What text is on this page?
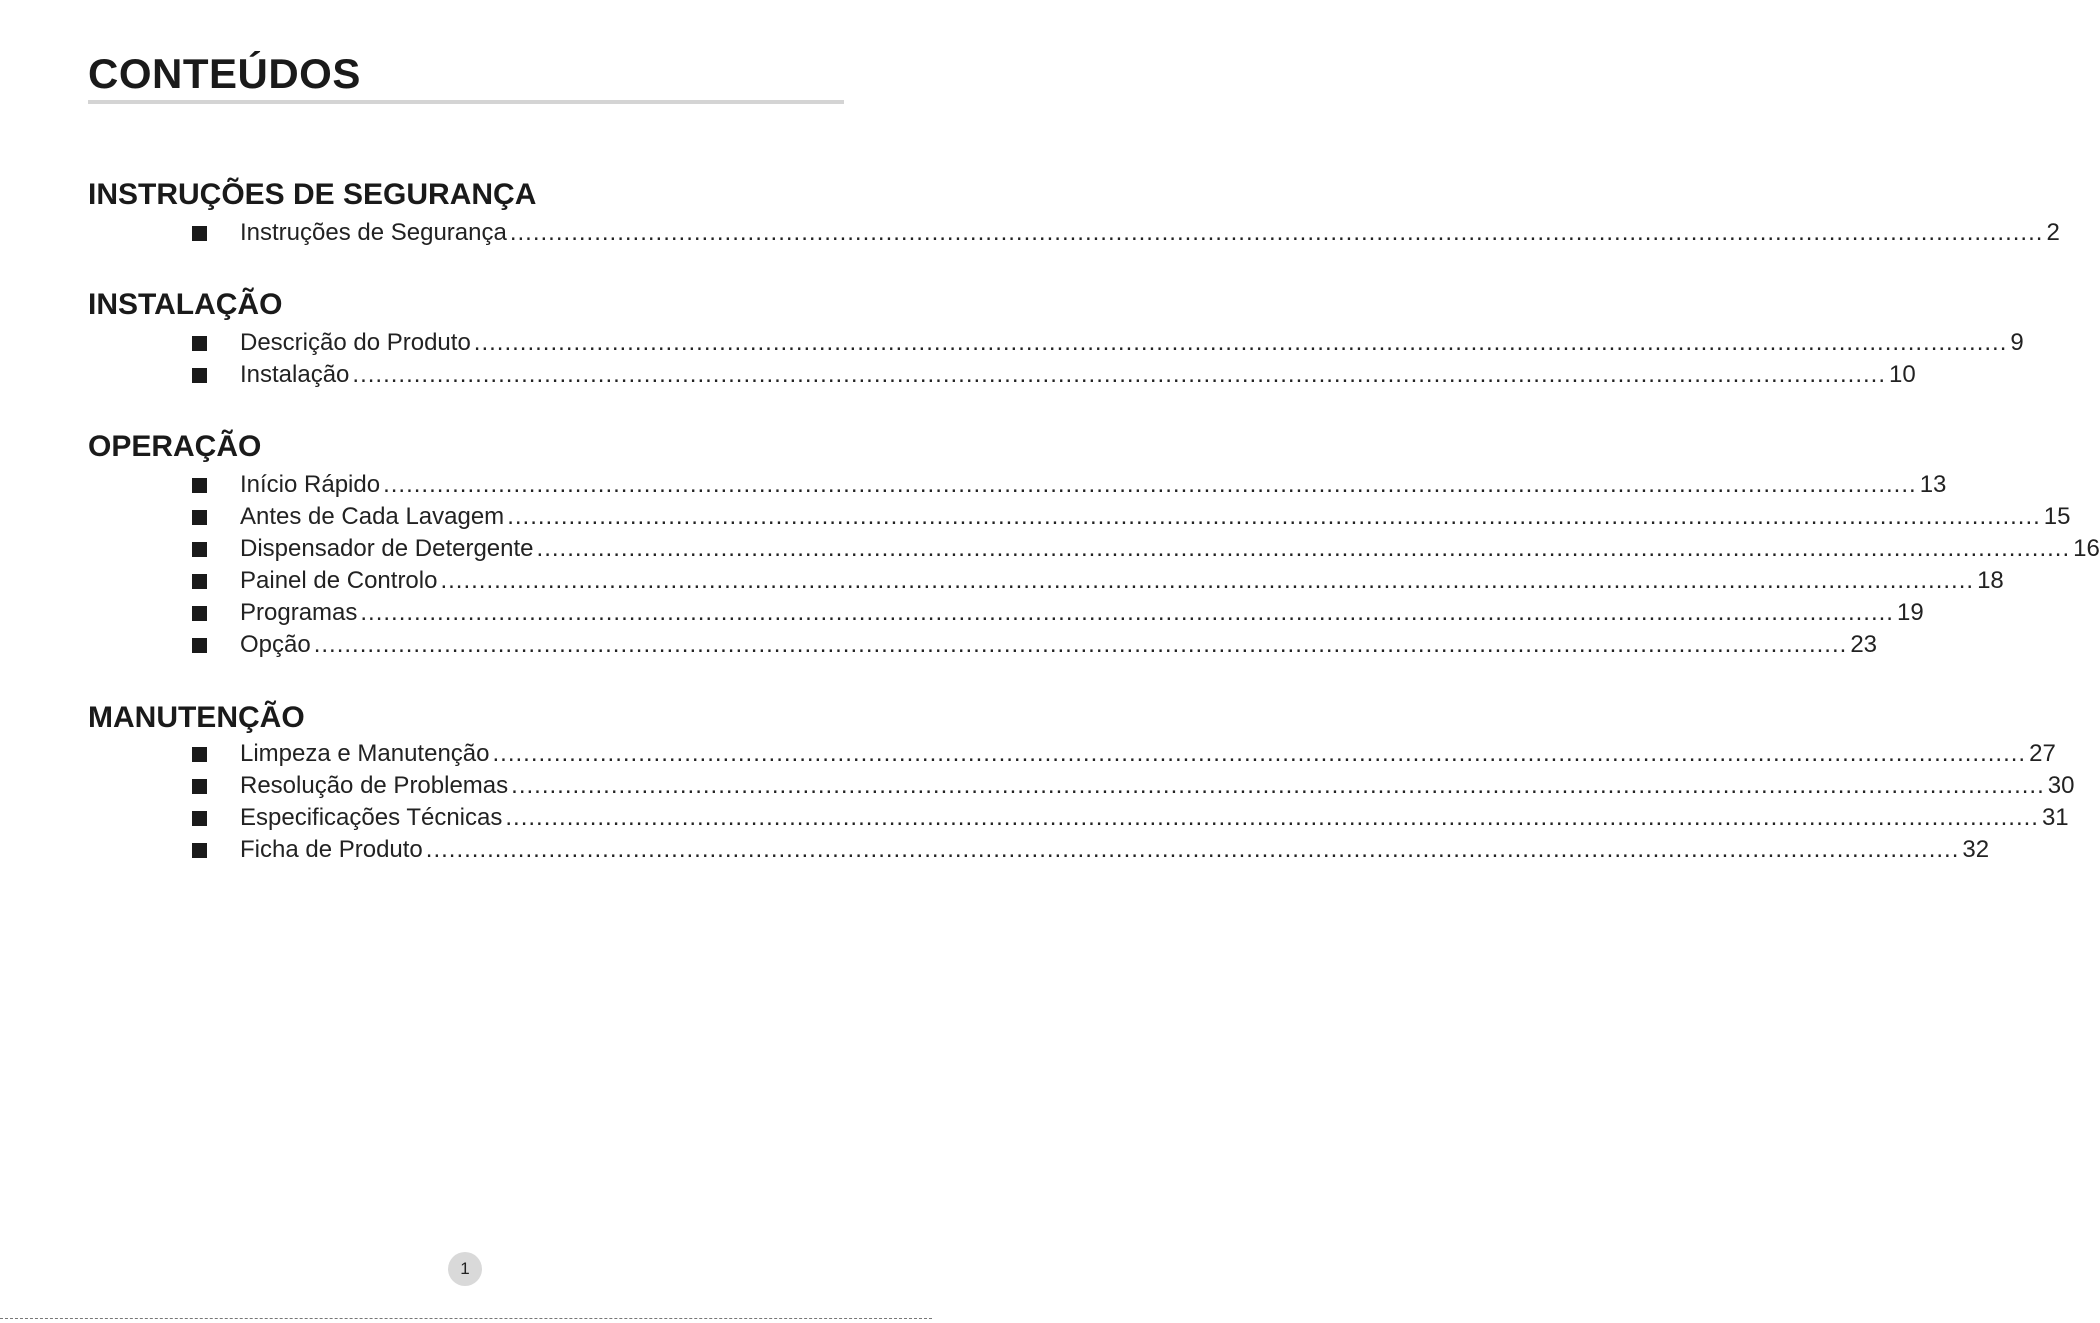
CONTEÚDOS
INSTRUÇÕES DE SEGURANÇA
Instruções de Segurança ........................................................................................................................................................................................................ 2
INSTALAÇÃO
Descrição do Produto ........................................................................................................................................................................................................ 9
Instalação ........................................................................................................................................................................................................ 10
OPERAÇÃO
Início Rápido ........................................................................................................................................................................................................ 13
Antes de Cada Lavagem ........................................................................................................................................................................................................ 15
Dispensador de Detergente ........................................................................................................................................................................................................ 16
Painel de Controlo ........................................................................................................................................................................................................ 18
Programas ........................................................................................................................................................................................................ 19
Opção ........................................................................................................................................................................................................ 23
MANUTENÇÃO
Limpeza e Manutenção ........................................................................................................................................................................................................ 27
Resolução de Problemas ........................................................................................................................................................................................................ 30
Especificações Técnicas ........................................................................................................................................................................................................ 31
Ficha de Produto ........................................................................................................................................................................................................ 32
1
